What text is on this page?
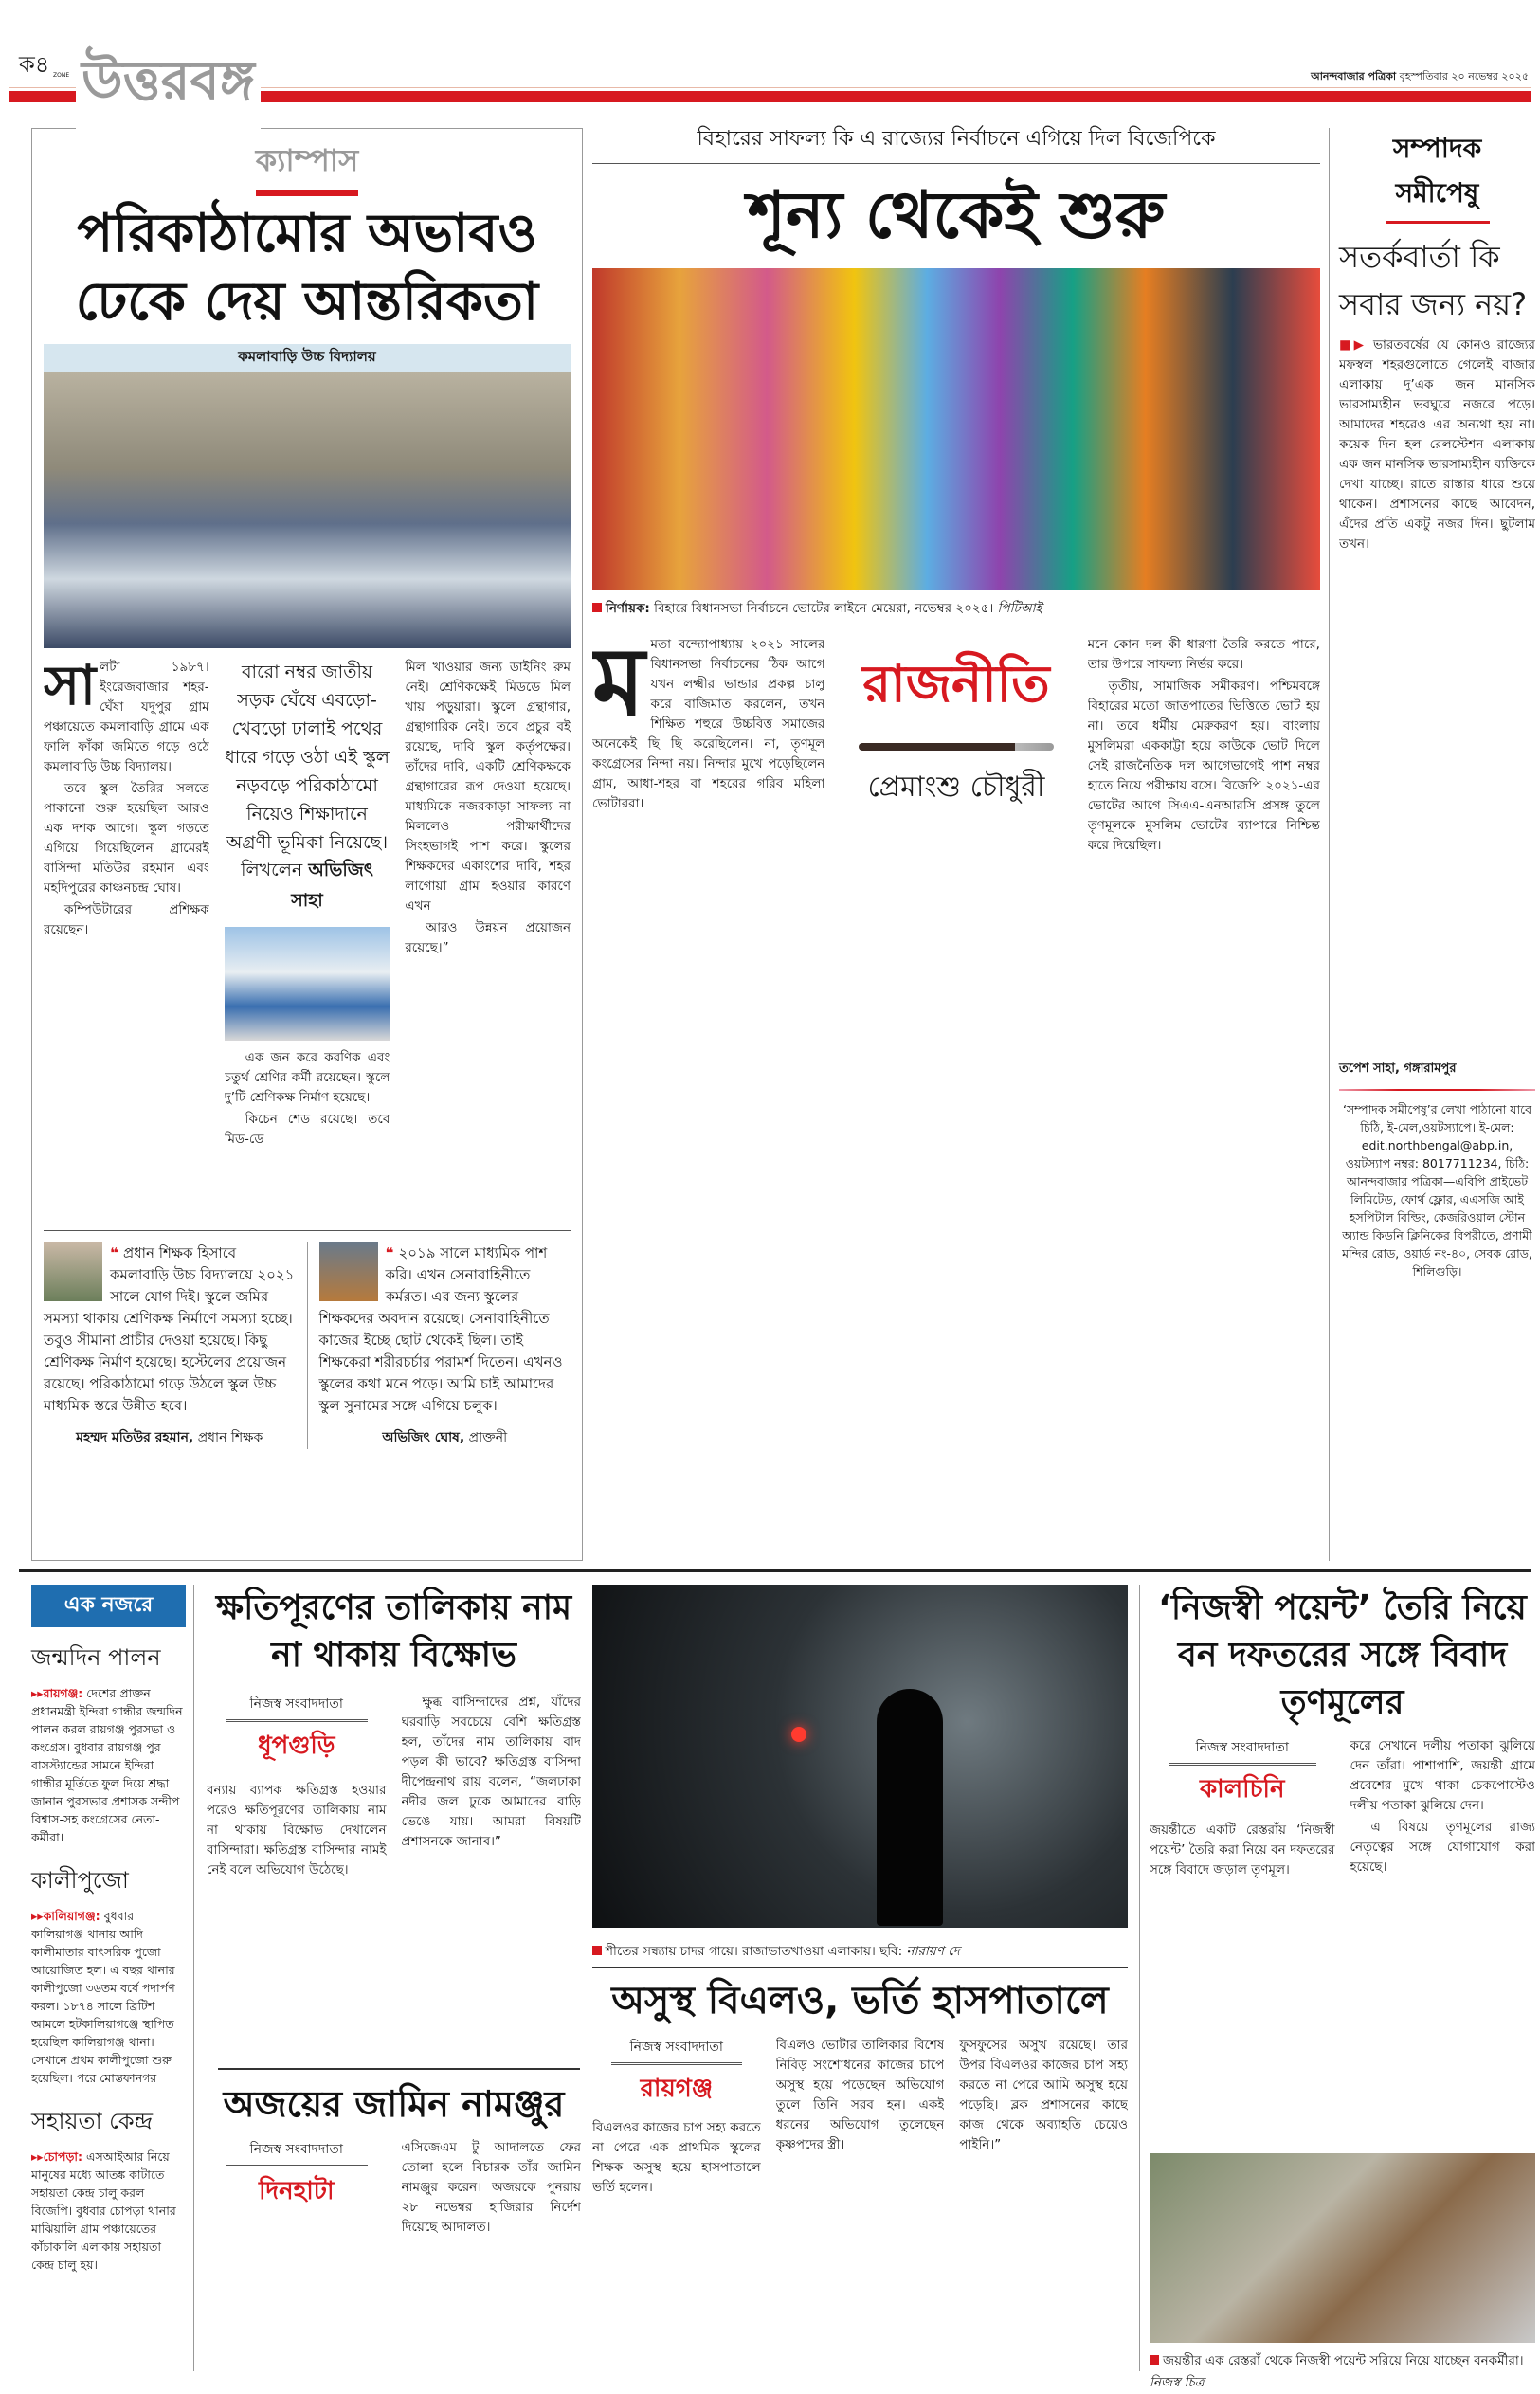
ক৪ ZONE উত্তরবঙ্গ	আনন্দবাজার পত্রিকা বৃহস্পতিবার ২০ নভেম্বর ২০২৫
ক্যাম্পাস
পরিকাঠামোর অভাবও
ঢেকে দেয় আন্তরিকতা
কমলাবাড়ি উচ্চ বিদ্যালয়
সা লটা ১৯৮৭। ইংরেজবাজার শহর-ঘেঁষা যদুপুর গ্রাম পঞ্চায়েতে কমলাবাড়ি গ্রামে এক ফালি ফাঁকা জমিতে গড়ে ওঠে কমলাবাড়ি উচ্চ বিদ্যালয়।

তবে স্কুল তৈরির সলতে পাকানো শুরু হয়েছিল আরও এক দশক আগে। স্কুল গড়তে এগিয়ে গিয়েছিলেন গ্রামেরই বাসিন্দা মতিউর রহমান এবং মহদিপুরের কাঞ্চনচন্দ্র ঘোষ।

কম্পিউটারের প্রশিক্ষক রয়েছেন।

বারো নম্বর জাতীয় সড়ক ঘেঁষে এবড়ো-খেবড়ো ঢালাই পথের ধারে গড়ে ওঠা এই স্কুল নড়বড়ে পরিকাঠামো নিয়েও শিক্ষাদানে অগ্রণী ভূমিকা নিয়েছে।
লিখলেন অভিজিৎ সাহা

এক জন করে করণিক এবং চতুর্থ শ্রেণির কর্মী রয়েছেন। স্কুলে দু’টি শ্রেণিকক্ষ নির্মাণ হয়েছে।

কিচেন শেড রয়েছে। তবে মিড-ডে

মিল খাওয়ার জন্য ডাইনিং রুম নেই। শ্রেণিকক্ষেই মিডডে মিল খায় পড়ুয়ারা। স্কুলে গ্রন্থাগার, গ্রন্থাগারিক নেই। তবে প্রচুর বই রয়েছে, দাবি স্কুল কর্তৃপক্ষের। তাঁদের দাবি, একটি শ্রেণিকক্ষকে গ্রন্থাগারের রূপ দেওয়া হয়েছে। মাধ্যমিকে নজরকাড়া সাফল্য না মিললেও পরীক্ষার্থীদের সিংহভাগই পাশ করে। স্কুলের শিক্ষকদের একাংশের দাবি, শহর লাগোয়া গ্রাম হওয়ার কারণে এখন

আরও উন্নয়ন প্রয়োজন রয়েছে।”

❝ প্রধান শিক্ষক হিসাবে কমলাবাড়ি উচ্চ বিদ্যালয়ে ২০২১ সালে যোগ দিই। স্কুলে জমির সমস্যা থাকায় শ্রেণিকক্ষ নির্মাণে সমস্যা হচ্ছে। তবুও সীমানা প্রাচীর দেওয়া হয়েছে। কিছু শ্রেণিকক্ষ নির্মাণ হয়েছে। হস্টেলের প্রয়োজন রয়েছে। পরিকাঠামো গড়ে উঠলে স্কুল উচ্চ মাধ্যমিক স্তরে উন্নীত হবে।
মহম্মদ মতিউর রহমান, প্রধান শিক্ষক
❝ ২০১৯ সালে মাধ্যমিক পাশ করি। এখন সেনাবাহিনীতে কর্মরত। এর জন্য স্কুলের শিক্ষকদের অবদান রয়েছে। সেনাবাহিনীতে কাজের ইচ্ছে ছোট থেকেই ছিল। তাই শিক্ষকেরা শরীরচর্চার পরামর্শ দিতেন। এখনও স্কুলের কথা মনে পড়ে। আমি চাই আমাদের স্কুল সুনামের সঙ্গে এগিয়ে চলুক।
অভিজিৎ ঘোষ, প্রাক্তনী
বিহারের সাফল্য কি এ রাজ্যের নির্বাচনে এগিয়ে দিল বিজেপিকে
শূন্য থেকেই শুরু
নির্ণায়ক: বিহারে বিধানসভা নির্বাচনে ভোটের লাইনে মেয়েরা, নভেম্বর ২০২৫। পিটিআই
ম মতা বন্দ্যোপাধ্যায় ২০২১ সালের বিধানসভা নির্বাচনের ঠিক আগে যখন লক্ষ্মীর ভান্ডার প্রকল্প চালু করে বাজিমাত করলেন, তখন শিক্ষিত শহুরে উচ্চবিত্ত সমাজের অনেকেই ছি ছি করেছিলেন। না, তৃণমূল কংগ্রেসের নিন্দা নয়। নিন্দার মুখে পড়েছিলেন গ্রাম, আধা-শহর বা শহরের গরিব মহিলা ভোটাররা।

রাজনীতি
প্রেমাংশু চৌধুরী

মনে কোন দল কী ধারণা তৈরি করতে পারে, তার উপরে সাফল্য নির্ভর করে।

তৃতীয়, সামাজিক সমীকরণ। পশ্চিমবঙ্গে বিহারের মতো জাতপাতের ভিত্তিতে ভোট হয় না। তবে ধর্মীয় মেরুকরণ হয়। বাংলায় মুসলিমরা এককাট্টা হয়ে কাউকে ভোট দিলে সেই রাজনৈতিক দল আগেভাগেই পাশ নম্বর হাতে নিয়ে পরীক্ষায় বসে। বিজেপি ২০২১-এর ভোটের আগে সিএএ-এনআরসি প্রসঙ্গ তুলে তৃণমূলকে মুসলিম ভোটের ব্যাপারে নিশ্চিন্ত করে দিয়েছিল।

সম্পাদক
সমীপেষু
সতর্কবার্তা কি সবার জন্য নয়?
■▶ ভারতবর্ষের যে কোনও রাজ্যের মফস্বল শহরগুলোতে গেলেই বাজার এলাকায় দু’এক জন মানসিক ভারসাম্যহীন ভবঘুরে নজরে পড়ে। আমাদের শহরেও এর অন্যথা হয় না। কয়েক দিন হল রেলস্টেশন এলাকায় এক জন মানসিক ভারসাম্যহীন ব্যক্তিকে দেখা যাচ্ছে। রাতে রাস্তার ধারে শুয়ে থাকেন। প্রশাসনের কাছে আবেদন, এঁদের প্রতি একটু নজর দিন। ছুটলাম তখন।
তপেশ সাহা, গঙ্গারামপুর
‘সম্পাদক সমীপেষু’র লেখা পাঠানো যাবে চিঠি, ই-মেল,ওয়টস্যাপে। ই-মেল: edit.northbengal@abp.in, ওয়টস্যাপ নম্বর: 8017711234, চিঠি: আনন্দবাজার পত্রিকা—এবিপি প্রাইভেট লিমিটেড, ফোর্থ ফ্লোর, এএসজি আই হসপিটাল বিল্ডিং, কেজরিওয়াল স্টোন অ্যান্ড কিডনি ক্লিনিকের বিপরীতে, প্রণামী মন্দির রোড, ওয়ার্ড নং-৪০, সেবক রোড, শিলিগুড়ি।
এক নজরে
জন্মদিন পালন
▸▸রায়গঞ্জ: দেশের প্রাক্তন প্রধানমন্ত্রী ইন্দিরা গান্ধীর জন্মদিন পালন করল রায়গঞ্জ পুরসভা ও কংগ্রেস। বুধবার রায়গঞ্জ পুর বাসস্ট্যান্ডের সামনে ইন্দিরা গান্ধীর মূর্তিতে ফুল দিয়ে শ্রদ্ধা জানান পুরসভার প্রশাসক সন্দীপ বিশ্বাস-সহ কংগ্রেসের নেতা-কর্মীরা।
কালীপুজো
▸▸কালিয়াগঞ্জ: বুধবার কালিয়াগঞ্জ থানায় আদি কালীমাতার বাৎসরিক পুজো আয়োজিত হল। এ বছর থানার কালীপুজো ৩৬তম বর্ষে পদার্পণ করল। ১৮৭৪ সালে ব্রিটিশ আমলে হটকালিয়াগঞ্জে স্থাপিত হয়েছিল কালিয়াগঞ্জ থানা। সেখানে প্রথম কালীপুজো শুরু হয়েছিল। পরে মোস্তফানগর
সহায়তা কেন্দ্র
▸▸চোপড়া: এসআইআর নিয়ে মানুষের মধ্যে আতঙ্ক কাটাতে সহায়তা কেন্দ্র চালু করল বিজেপি। বুধবার চোপড়া থানার মাঝিয়ালি গ্রাম পঞ্চায়েতের কাঁচাকালি এলাকায় সহায়তা কেন্দ্র চালু হয়।
ক্ষতিপূরণের তালিকায় নাম না থাকায় বিক্ষোভ
নিজস্ব সংবাদদাতা
ধূপগুড়ি

বন্যায় ব্যাপক ক্ষতিগ্রস্ত হওয়ার পরেও ক্ষতিপূরণের তালিকায় নাম না থাকায় বিক্ষোভ দেখালেন বাসিন্দারা। ক্ষতিগ্রস্ত বাসিন্দার নামই নেই বলে অভিযোগ উঠেছে।

ক্ষুব্ধ বাসিন্দাদের প্রশ্ন, যাঁদের ঘরবাড়ি সবচেয়ে বেশি ক্ষতিগ্রস্ত হল, তাঁদের নাম তালিকায় বাদ পড়ল কী ভাবে? ক্ষতিগ্রস্ত বাসিন্দা দীপেন্দ্রনাথ রায় বলেন, “জলঢাকা নদীর জল ঢুকে আমাদের বাড়ি ভেঙে যায়। আমরা বিষয়টি প্রশাসনকে জানাব।”

অজয়ের জামিন নামঞ্জুর
নিজস্ব সংবাদদাতা
দিনহাটা

এসিজেএম টু আদালতে ফের তোলা হলে বিচারক তাঁর জামিন নামঞ্জুর করেন। অজয়কে পুনরায় ২৮ নভেম্বর হাজিরার নির্দেশ দিয়েছে আদালত।

শীতের সন্ধ্যায় চাদর গায়ে। রাজাভাতখাওয়া এলাকায়। ছবি: নারায়ণ দে
অসুস্থ বিএলও, ভর্তি হাসপাতালে
নিজস্ব সংবাদদাতা
রায়গঞ্জ

বিএলওর কাজের চাপ সহ্য করতে না পেরে এক প্রাথমিক স্কুলের শিক্ষক অসুস্থ হয়ে হাসপাতালে ভর্তি হলেন।

বিএলও ভোটার তালিকার বিশেষ নিবিড় সংশোধনের কাজের চাপে অসুস্থ হয়ে পড়েছেন অভিযোগ তুলে তিনি সরব হন। একই ধরনের অভিযোগ তুলেছেন কৃষ্ণপদের স্ত্রী।

ফুসফুসের অসুখ রয়েছে। তার উপর বিএলওর কাজের চাপ সহ্য করতে না পেরে আমি অসুস্থ হয়ে পড়েছি। ব্লক প্রশাসনের কাছে কাজ থেকে অব্যাহতি চেয়েও পাইনি।”

‘নিজস্বী পয়েন্ট’ তৈরি নিয়ে বন দফতরের সঙ্গে বিবাদ তৃণমূলের
নিজস্ব সংবাদদাতা
কালচিনি

জয়ন্তীতে একটি রেস্তরাঁয় ‘নিজস্বী পয়েন্ট’ তৈরি করা নিয়ে বন দফতরের সঙ্গে বিবাদে জড়াল তৃণমূল।

করে সেখানে দলীয় পতাকা ঝুলিয়ে দেন তাঁরা। পাশাপাশি, জয়ন্তী গ্রামে প্রবেশের মুখে থাকা চেকপোস্টেও দলীয় পতাকা ঝুলিয়ে দেন।

এ বিষয়ে তৃণমূলের রাজ্য নেতৃত্বের সঙ্গে যোগাযোগ করা হয়েছে।

জয়ন্তীর এক রেস্তরাঁ থেকে নিজস্বী পয়েন্ট সরিয়ে নিয়ে যাচ্ছেন বনকর্মীরা। নিজস্ব চিত্র
